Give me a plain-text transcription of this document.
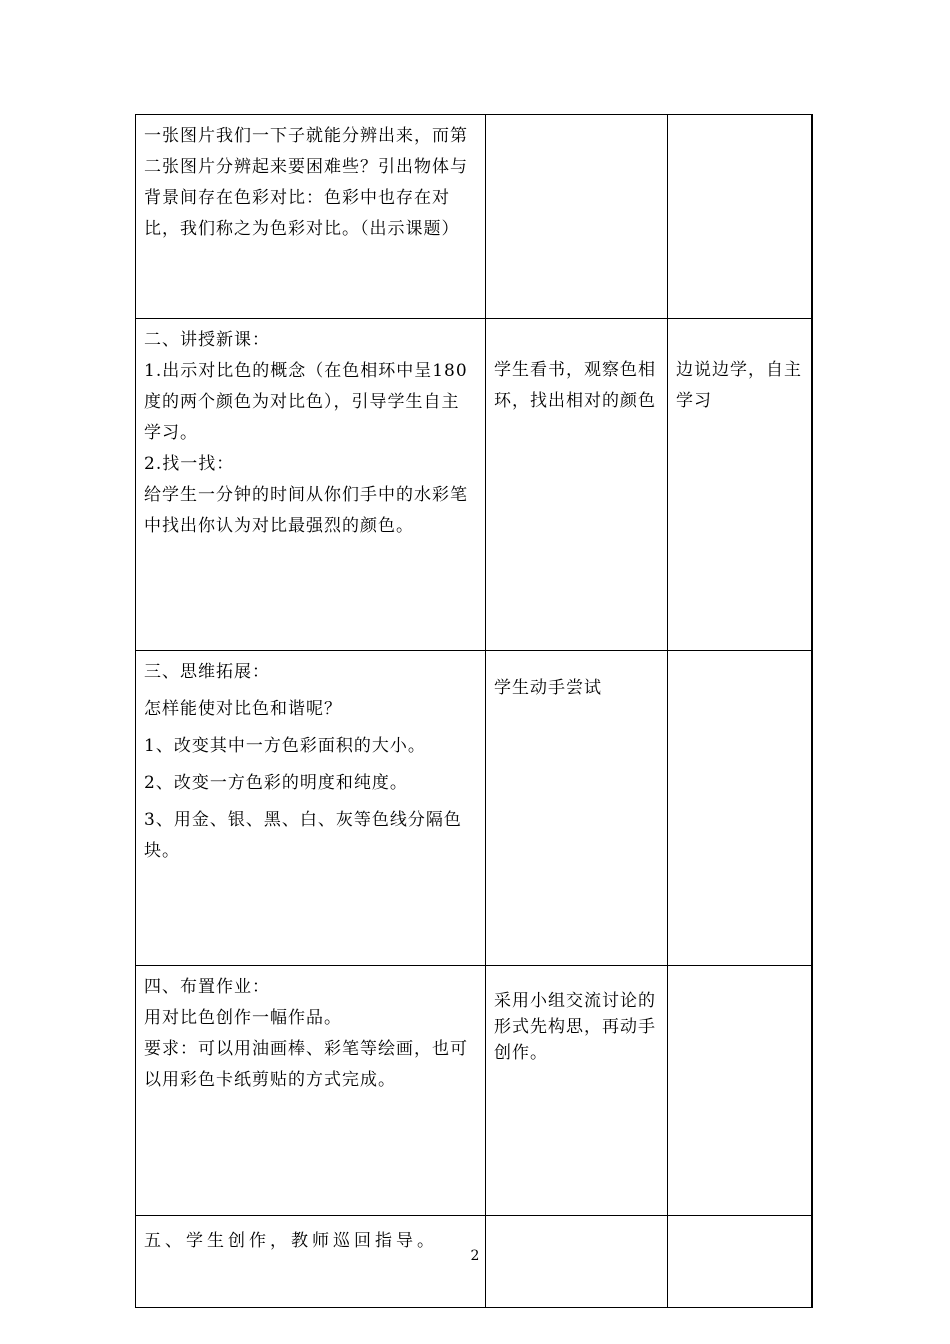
一张图片我们一下子就能分辨出来，而第二张图片分辨起来要困难些？引出物体与背景间存在色彩对比：色彩中也存在对比，我们称之为色彩对比。（出示课题）		

二、讲授新课：

1.出示对比色的概念（在色相环中呈180度的两个颜色为对比色），引导学生自主学习。

2.找一找：

给学生一分钟的时间从你们手中的水彩笔中找出你认为对比最强烈的颜色。	学生看书，观察色相环，找出相对的颜色	边说边学，自主学习

三、思维拓展：

怎样能使对比色和谐呢？

1、改变其中一方色彩面积的大小。

2、改变一方色彩的明度和纯度。

3、用金、银、黑、白、灰等色线分隔色块。	学生动手尝试	

四、布置作业：

用对比色创作一幅作品。

要求：可以用油画棒、彩笔等绘画，也可以用彩色卡纸剪贴的方式完成。	采用小组交流讨论的形式先构思，再动手创作。	

五、学生创作，教师巡回指导。		

2
